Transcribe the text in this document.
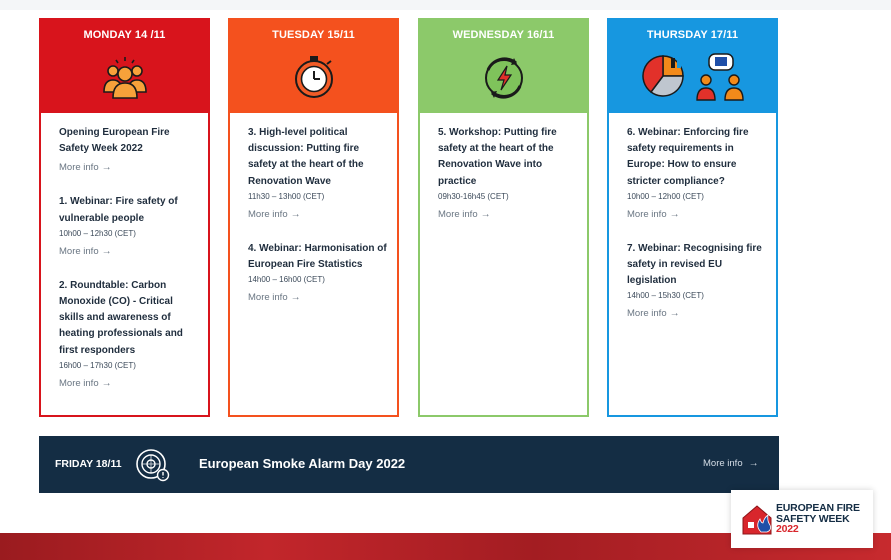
MONDAY 14 /11
Opening European Fire Safety Week 2022
More info →
1. Webinar: Fire safety of vulnerable people
10h00 – 12h30 (CET)
More info →
2. Roundtable: Carbon Monoxide (CO) - Critical skills and awareness of heating professionals and first responders
16h00 – 17h30 (CET)
More info →
TUESDAY 15/11
3. High-level political discussion: Putting fire safety at the heart of the Renovation Wave
11h30 – 13h00 (CET)
More info →
4. Webinar: Harmonisation of European Fire Statistics
14h00 – 16h00 (CET)
More info →
WEDNESDAY 16/11
5. Workshop: Putting fire safety at the heart of the Renovation Wave into practice
09h30-16h45 (CET)
More info →
THURSDAY 17/11
6. Webinar: Enforcing fire safety requirements in Europe: How to ensure stricter compliance?
10h00 – 12h00 (CET)
More info →
7. Webinar: Recognising fire safety in revised EU legislation
14h00 – 15h30 (CET)
More info →
FRIDAY 18/11	European Smoke Alarm Day 2022	More info →
EUROPEAN FIRE
SAFETY WEEK
2022
